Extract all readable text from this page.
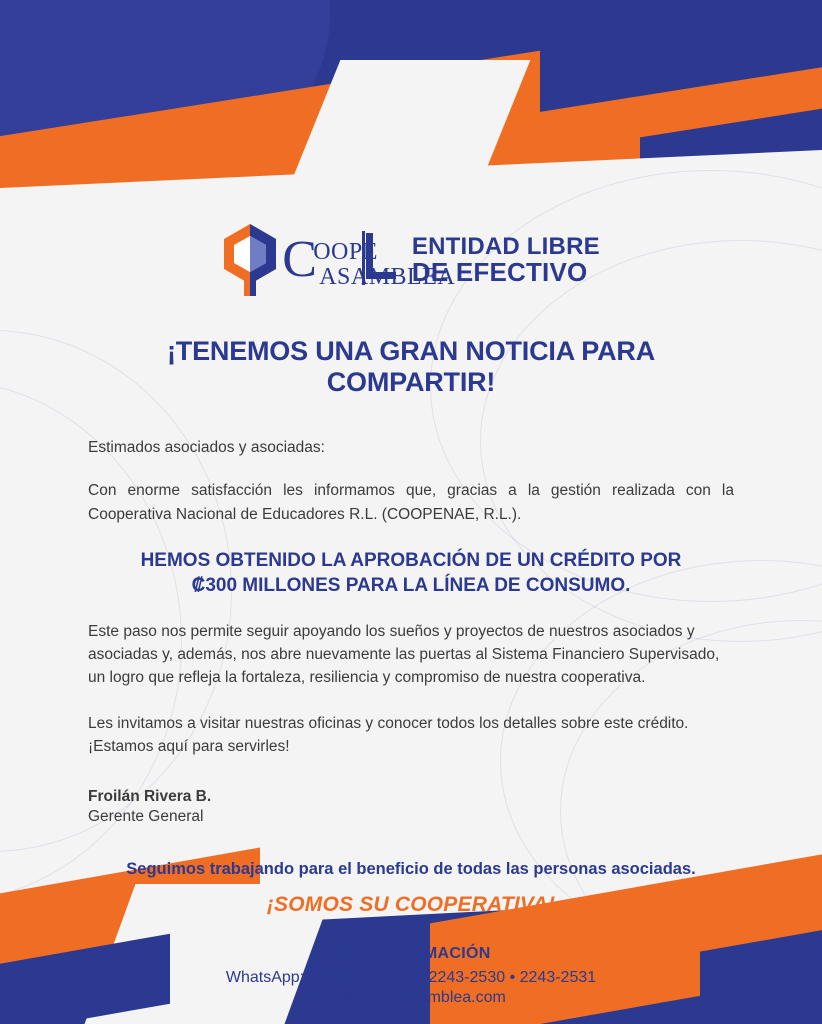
C
OOPE
ASAMBLEA
ENTIDAD LIBRE
DE EFECTIVO
¡TENEMOS UNA GRAN NOTICIA PARA COMPARTIR!

Estimados asociados y asociadas:

Con enorme satisfacción les informamos que, gracias a la gestión realizada con la Cooperativa Nacional de Educadores R.L. (COOPENAE, R.L.).

HEMOS OBTENIDO LA APROBACIÓN DE UN CRÉDITO POR
₡300 MILLONES PARA LA LÍNEA DE CONSUMO.

Este paso nos permite seguir apoyando los sueños y proyectos de nuestros asociados y asociadas y, además, nos abre nuevamente las puertas al Sistema Financiero Supervisado, un logro que refleja la fortaleza, resiliencia y compromiso de nuestra cooperativa.

Les invitamos a visitar nuestras oficinas y conocer todos los detalles sobre este crédito. ¡Estamos aquí para servirles!

Froilán Rivera B.
Gerente General
Seguimos trabajando para el beneficio de todas las personas asociadas.
¡SOMOS SU COOPERATIVA!
MÁS INFORMACIÓN
WhatsApp: 8461-7737 • Tel. 2243-2530 • 2243-2531
info@coopeasamblea.com
